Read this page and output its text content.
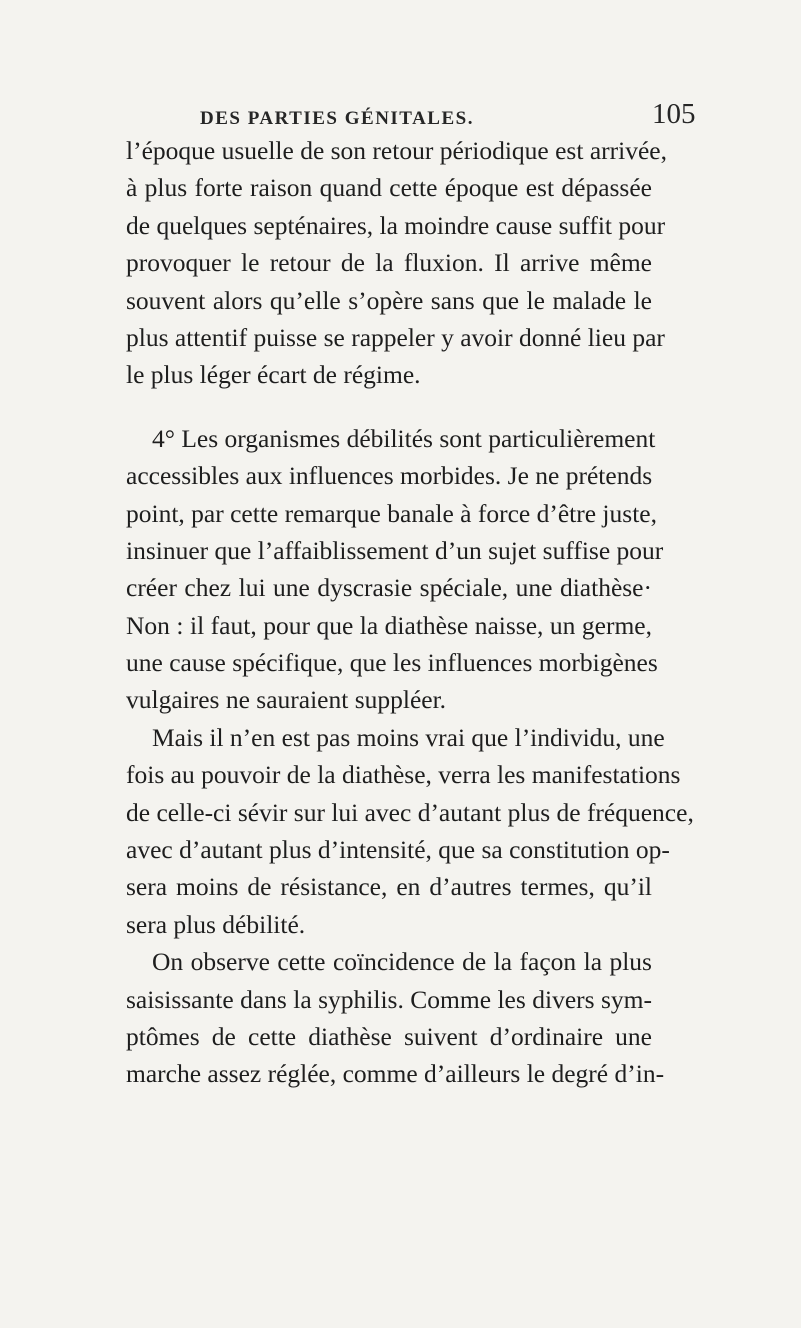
DES PARTIES GÉNITALES.	105
l’époque usuelle de son retour périodique est arrivée,
à plus forte raison quand cette époque est dépassée
de quelques septénaires, la moindre cause suffit pour
provoquer le retour de la fluxion. Il arrive même
souvent alors qu’elle s’opère sans que le malade le
plus attentif puisse se rappeler y avoir donné lieu par
le plus léger écart de régime.
4° Les organismes débilités sont particulièrement
accessibles aux influences morbides. Je ne prétends
point, par cette remarque banale à force d’être juste,
insinuer que l’affaiblissement d’un sujet suffise pour
créer chez lui une dyscrasie spéciale, une diathèse·
Non : il faut, pour que la diathèse naisse, un germe,
une cause spécifique, que les influences morbigènes
vulgaires ne sauraient suppléer.
Mais il n’en est pas moins vrai que l’individu, une
fois au pouvoir de la diathèse, verra les manifestations
de celle-ci sévir sur lui avec d’autant plus de fréquence,
avec d’autant plus d’intensité, que sa constitution op-
sera moins de résistance, en d’autres termes, qu’il
sera plus débilité.
On observe cette coïncidence de la façon la plus
saisissante dans la syphilis. Comme les divers sym-
ptômes de cette diathèse suivent d’ordinaire une
marche assez réglée, comme d’ailleurs le degré d’in-
